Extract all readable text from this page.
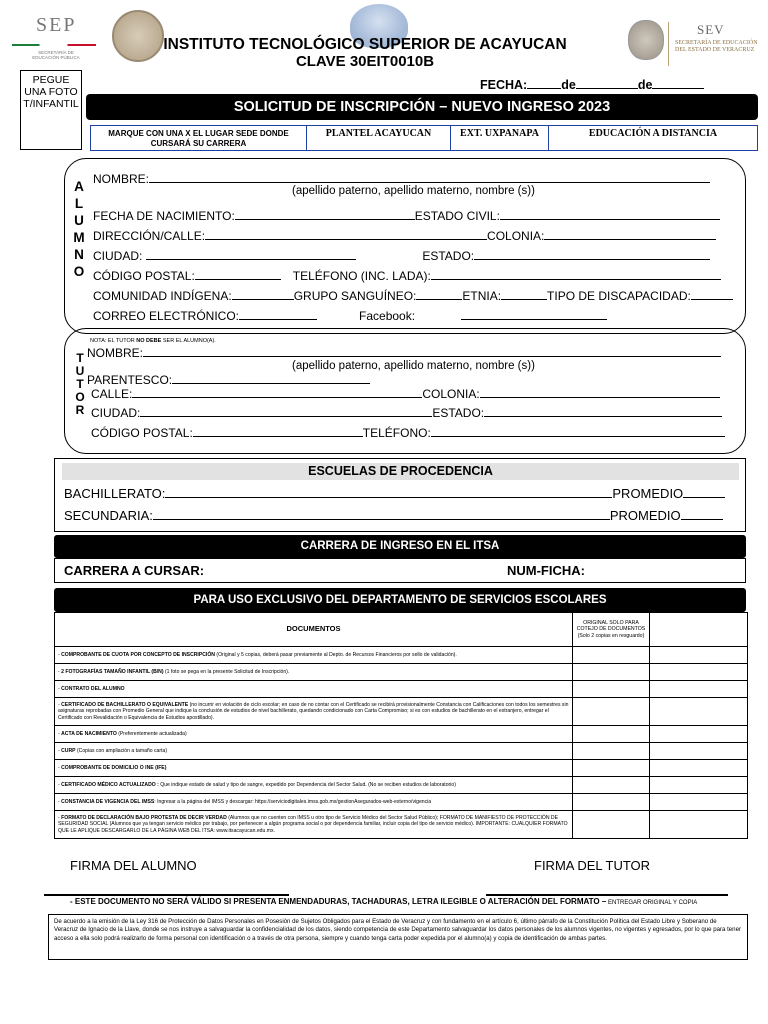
SEP
SECRETARÍA DE EDUCACIÓN PÚBLICA
SEV
SECRETARÍA DE EDUCACIÓN DEL ESTADO DE VERACRUZ
INSTITUTO TECNOLÓGICO SUPERIOR DE ACAYUCAN
CLAVE 30EIT0010B
PEGUE UNA FOTO T/INFANTIL
FECHA:	de	de
SOLICITUD DE INSCRIPCIÓN – NUEVO INGRESO 2023
MARQUE CON UNA X EL LUGAR SEDE DONDE CURSARÁ SU CARRERA
PLANTEL ACAYUCAN	EXT. UXPANAPA	EDUCACIÓN A DISTANCIA
A
L
U
M
N
O
NOMBRE:
(apellido paterno, apellido materno, nombre (s))
FECHA DE NACIMIENTO:	ESTADO CIVIL:
DIRECCIÓN/CALLE:	COLONIA:
CIUDAD:	ESTADO:
CÓDIGO POSTAL:	TELÉFONO (INC. LADA):
COMUNIDAD INDÍGENA:	GRUPO SANGUÍNEO:	ETNIA:	TIPO DE DISCAPACIDAD:
CORREO ELECTRÓNICO:	Facebook:
NOTA: EL TUTOR NO DEBE SER EL ALUMNO(A).
T
U
T
O
R
NOMBRE:
(apellido paterno, apellido materno, nombre (s))
PARENTESCO:
CALLE:	COLONIA:
CIUDAD:	ESTADO:
CÓDIGO POSTAL:	TELÉFONO:
ESCUELAS DE PROCEDENCIA
BACHILLERATO:	PROMEDIO
SECUNDARIA:	PROMEDIO
CARRERA DE INGRESO EN EL ITSA
CARRERA A CURSAR:	NUM-FICHA:
PARA USO EXCLUSIVO DEL DEPARTAMENTO DE SERVICIOS ESCOLARES
DOCUMENTOS	ORIGINAL SOLO PARA COTEJO DE DOCUMENTOS (Solo 2 copias en resguardo)	
- COMPROBANTE DE CUOTA POR CONCEPTO DE INSCRIPCIÓN (Original y 5 copias, deberá pasar previamente al Depto. de Recursos Financieros por sello de validación).		
- 2 FOTOGRAFÍAS TAMAÑO INFANTIL (B/N) (1 foto se pega en la presente Solicitud de Inscripción).		
- CONTRATO DEL ALUMNO		
- CERTIFICADO DE BACHILLERATO O EQUIVALENTE (no incurrir en violación de ciclo escolar; en caso de no contar con el Certificado se recibirá provisionalmente Constancia con Calificaciones con todos los semestres sin asignaturas reprobadas con Promedio General que indique la conclusión de estudios de nivel bachillerato, quedando condicionado con Carta Compromiso; si es con estudios de bachillerato en el extranjero, entregar el Certificado con Revalidación o Equivalencia de Estudios apostillado).		
- ACTA DE NACIMIENTO (Preferentemente actualizada)		
- CURP (Copias con ampliación a tamaño carta)		
- COMPROBANTE DE DOMICILIO O INE (IFE)		
- CERTIFICADO MÉDICO ACTUALIZADO : Que indique estado de salud y tipo de sangre, expedido por Dependencia del Sector Salud. (No se reciben estudios de laboratorio)		
- CONSTANCIA DE VIGENCIA DEL IMSS: Ingresar a la página del IMSS y descargar: https://serviciodigitales.imss.gob.mx/gestionAsegurados-web-externo/vigencia		
- FORMATO DE DECLARACIÓN BAJO PROTESTA DE DECIR VERDAD (Alumnos que no cuenten con IMSS u otro tipo de Servicio Médico del Sector Salud Público); FORMATO DE MANIFIESTO DE PROTECCIÓN DE SEGURIDAD SOCIAL (Alumnos que ya tengan servicio médico por trabajo, por pertenecer a algún programa social o por dependencia familiar, incluir copia del tipo de servicio médico). IMPORTANTE: CUALQUIER FORMATO QUE LE APLIQUE DESCARGARLO DE LA PÁGINA WEB DEL ITSA: www.itsacayucan.edu.mx.		
FIRMA DEL ALUMNO	FIRMA DEL TUTOR
- ESTE DOCUMENTO NO SERÁ VÁLIDO SI PRESENTA ENMENDADURAS, TACHADURAS, LETRA ILEGIBLE O ALTERACIÓN DEL FORMATO – ENTREGAR ORIGINAL Y COPIA
De acuerdo a la emisión de la Ley 316 de Protección de Datos Personales en Posesión de Sujetos Obligados para el Estado de Veracruz y con fundamento en el artículo 6, último párrafo de la Constitución Política del Estado Libre y Soberano de Veracruz de Ignacio de la Llave, donde se nos instruye a salvaguardar la confidencialidad de los datos, siendo competencia de este Departamento salvaguardar los datos personales de los alumnos vigentes, no vigentes y egresados, por lo que para tener acceso a ella solo podrá realizarlo de forma personal con identificación o a través de otra persona, siempre y cuando tenga carta poder expedida por el alumno(a) y copia de identificación de ambas partes.
